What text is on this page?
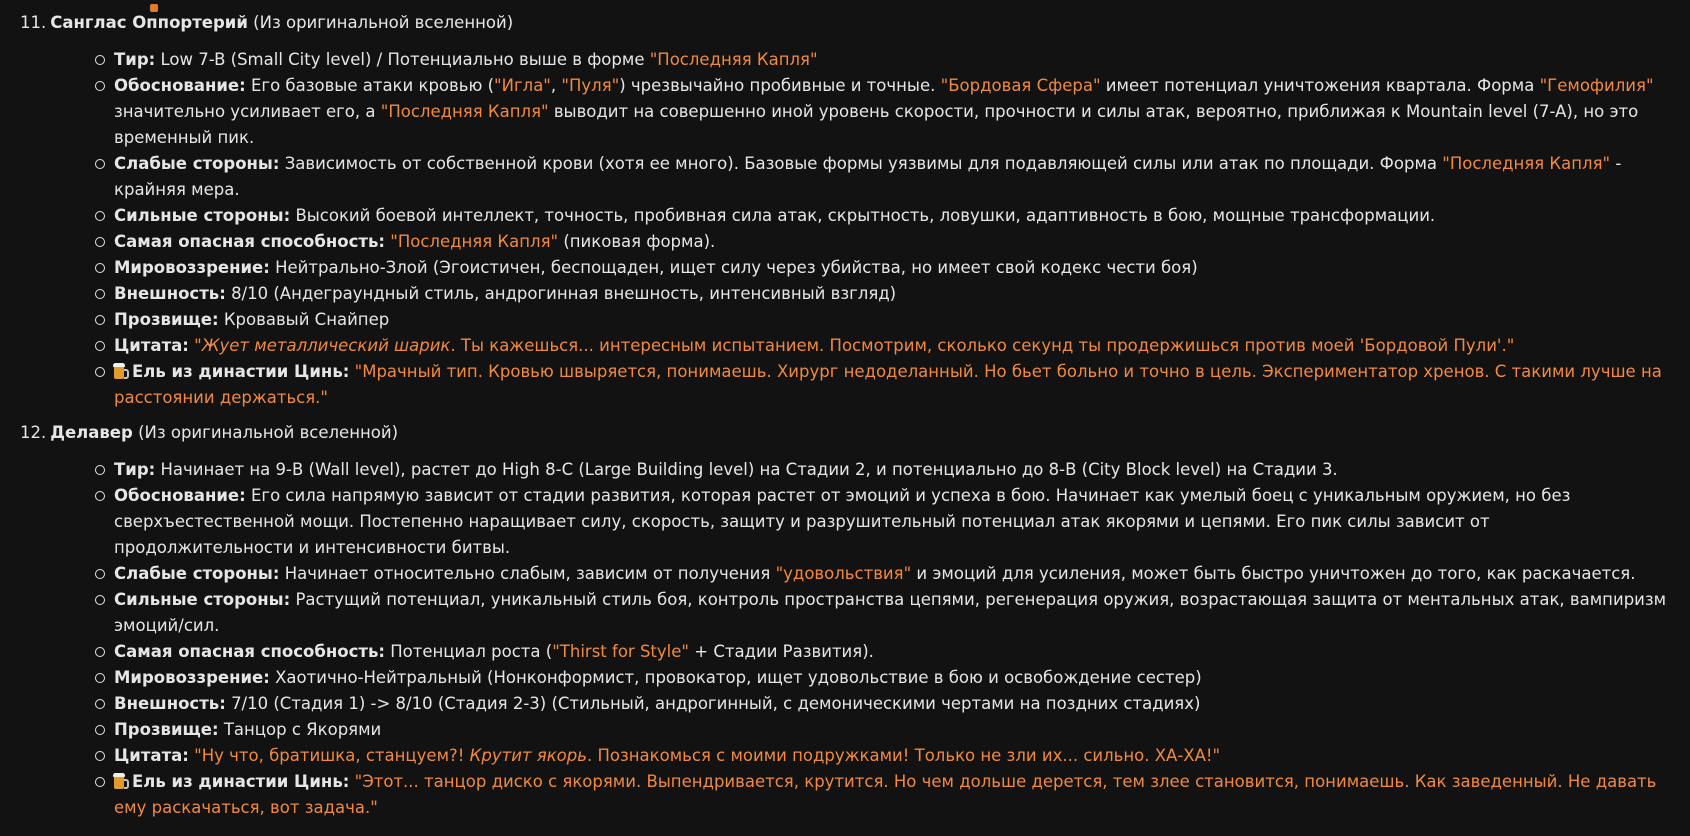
11. Санглас Оппортерий (Из оригинальной вселенной)
Тир: Low 7-B (Small City level) / Потенциально выше в форме "Последняя Капля"
Обоснование: Его базовые атаки кровью ("Игла", "Пуля") чрезвычайно пробивные и точные. "Бордовая Сфера" имеет потенциал уничтожения квартала. Форма "Гемофилия" значительно усиливает его, а "Последняя Капля" выводит на совершенно иной уровень скорости, прочности и силы атак, вероятно, приближая к Mountain level (7-A), но это временный пик.
Слабые стороны: Зависимость от собственной крови (хотя ее много). Базовые формы уязвимы для подавляющей силы или атак по площади. Форма "Последняя Капля" - крайняя мера.
Сильные стороны: Высокий боевой интеллект, точность, пробивная сила атак, скрытность, ловушки, адаптивность в бою, мощные трансформации.
Самая опасная способность: "Последняя Капля" (пиковая форма).
Мировоззрение: Нейтрально-Злой (Эгоистичен, беспощаден, ищет силу через убийства, но имеет свой кодекс чести боя)
Внешность: 8/10 (Андеграундный стиль, андрогинная внешность, интенсивный взгляд)
Прозвище: Кровавый Снайпер
Цитата: "Жует металлический шарик. Ты кажешься... интересным испытанием. Посмотрим, сколько секунд ты продержишься против моей 'Бордовой Пули'."
Ель из династии Цинь: "Мрачный тип. Кровью швыряется, понимаешь. Хирург недоделанный. Но бьет больно и точно в цель. Экспериментатор хренов. С такими лучше на расстоянии держаться."
12. Делавер (Из оригинальной вселенной)
Тир: Начинает на 9-B (Wall level), растет до High 8-C (Large Building level) на Стадии 2, и потенциально до 8-B (City Block level) на Стадии 3.
Обоснование: Его сила напрямую зависит от стадии развития, которая растет от эмоций и успеха в бою. Начинает как умелый боец с уникальным оружием, но без сверхъестественной мощи. Постепенно наращивает силу, скорость, защиту и разрушительный потенциал атак якорями и цепями. Его пик силы зависит от продолжительности и интенсивности битвы.
Слабые стороны: Начинает относительно слабым, зависим от получения "удовольствия" и эмоций для усиления, может быть быстро уничтожен до того, как раскачается.
Сильные стороны: Растущий потенциал, уникальный стиль боя, контроль пространства цепями, регенерация оружия, возрастающая защита от ментальных атак, вампиризм эмоций/сил.
Самая опасная способность: Потенциал роста ("Thirst for Style" + Стадии Развития).
Мировоззрение: Хаотично-Нейтральный (Нонконформист, провокатор, ищет удовольствие в бою и освобождение сестер)
Внешность: 7/10 (Стадия 1) -> 8/10 (Стадия 2-3) (Стильный, андрогинный, с демоническими чертами на поздних стадиях)
Прозвище: Танцор с Якорями
Цитата: "Ну что, братишка, станцуем?! Крутит якорь. Познакомься с моими подружками! Только не зли их... сильно. ХА-ХА!"
Ель из династии Цинь: "Этот... танцор диско с якорями. Выпендривается, крутится. Но чем дольше дерется, тем злее становится, понимаешь. Как заведенный. Не давать ему раскачаться, вот задача."
